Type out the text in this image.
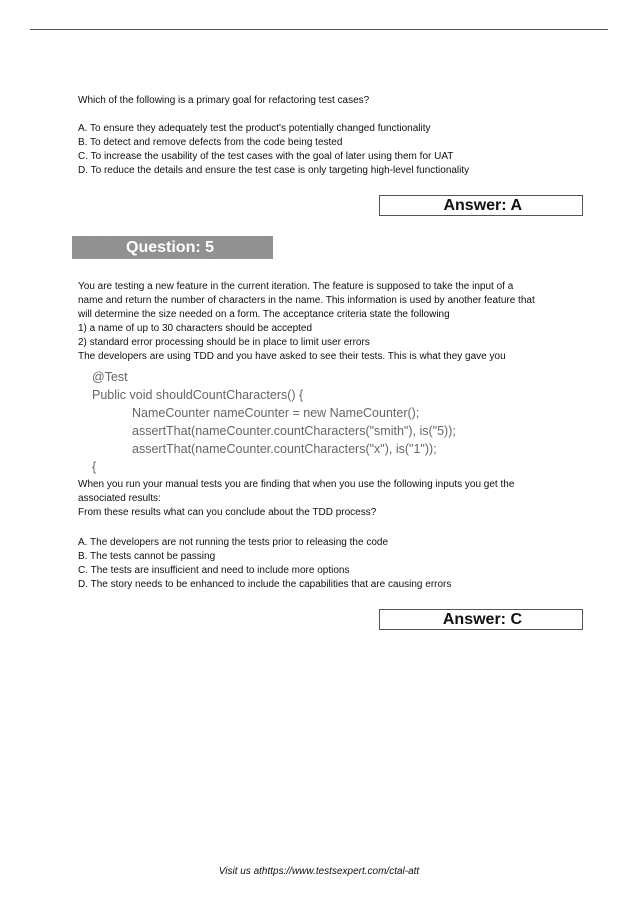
Which of the following is a primary goal for refactoring test cases?

A. To ensure they adequately test the product's potentially changed functionality

B. To detect and remove defects from the code being tested

C. To increase the usability of the test cases with the goal of later using them for UAT

D. To reduce the details and ensure the test case is only targeting high-level functionality

Answer: A
Question: 5

You are testing a new feature in the current iteration. The feature is supposed to take the input of a

name and return the number of characters in the name. This information is used by another feature that

will determine the size needed on a form. The acceptance criteria state the following

1) a name of up to 30 characters should be accepted

2) standard error processing should be in place to limit user errors

The developers are using TDD and you have asked to see their tests. This is what they gave you

@Test
Public void shouldCountCharacters() {
NameCounter nameCounter = new NameCounter();
assertThat(nameCounter.countCharacters("smith"), is("5));
assertThat(nameCounter.countCharacters("x"), is("1"));
{

When you run your manual tests you are finding that when you use the following inputs you get the

associated results:

From these results what can you conclude about the TDD process?

A. The developers are not running the tests prior to releasing the code

B. The tests cannot be passing

C. The tests are insufficient and need to include more options

D. The story needs to be enhanced to include the capabilities that are causing errors

Answer: C
Visit us athttps://www.testsexpert.com/ctal-att
